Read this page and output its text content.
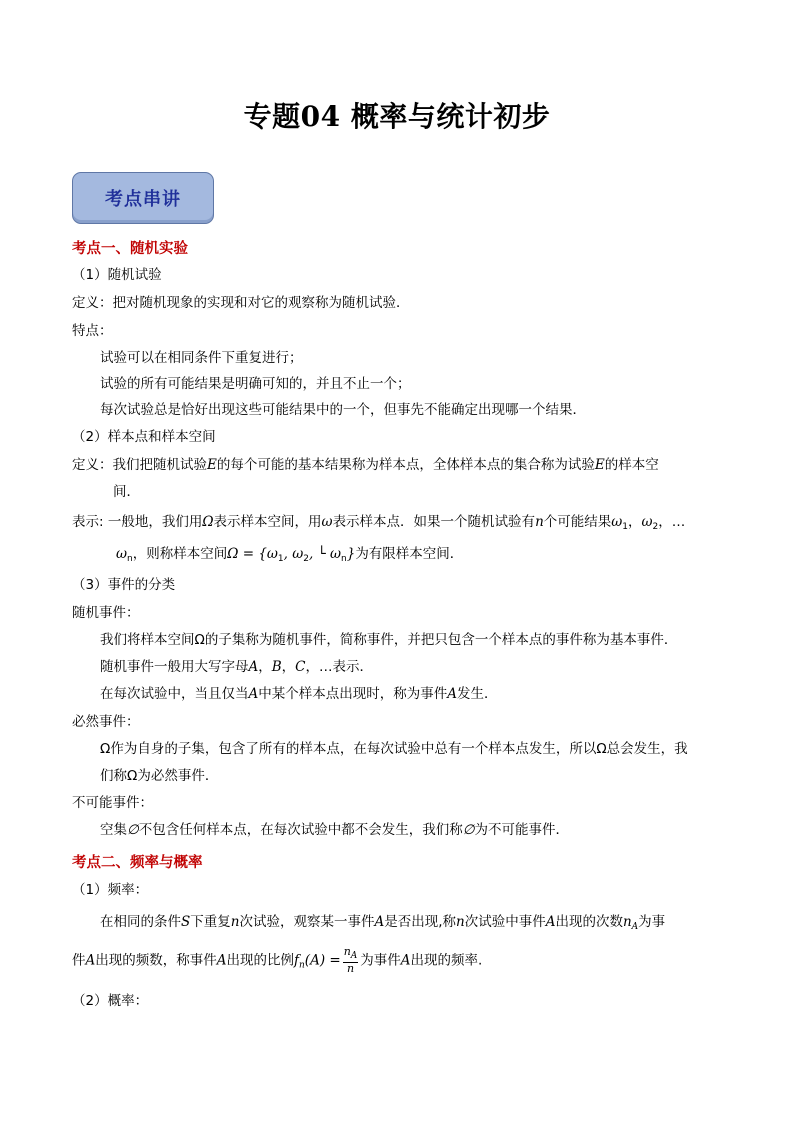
专题04 概率与统计初步
考点串讲
考点一、随机实验
（1）随机试验
定义：把对随机现象的实现和对它的观察称为随机试验．
特点：
试验可以在相同条件下重复进行；
试验的所有可能结果是明确可知的，并且不止一个；
每次试验总是恰好出现这些可能结果中的一个，但事先不能确定出现哪一个结果．
（2）样本点和样本空间
定义：我们把随机试验E的每个可能的基本结果称为样本点，全体样本点的集合称为试验E的样本空
间．
表示: 一般地，我们用Ω表示样本空间，用ω表示样本点．如果一个随机试验有n个可能结果$\omega_1$，$\omega_2$，…
$\omega_n$，则称样本空间$\Omega = \{\omega_1$, $\omega_2$, └ $\omega_n$}为有限样本空间．
（3）事件的分类
随机事件：
我们将样本空间Ω的子集称为随机事件，简称事件，并把只包含一个样本点的事件称为基本事件．
随机事件一般用大写字母A，B，C，…表示．
在每次试验中，当且仅当A中某个样本点出现时，称为事件A发生．
必然事件：
Ω作为自身的子集，包含了所有的样本点，在每次试验中总有一个样本点发生，所以Ω总会发生，我
们称Ω为必然事件．
不可能事件：
空集∅不包含任何样本点，在每次试验中都不会发生，我们称∅为不可能事件．
考点二、频率与概率
（1）频率：
在相同的条件S下重复n次试验，观察某一事件A是否出现,称n次试验中事件A出现的次数$n_A$为事
件A出现的频数，称事件A出现的比例$f_n(A) = \frac{n_A}{n}$ 为事件A出现的频率.
（2）概率：
